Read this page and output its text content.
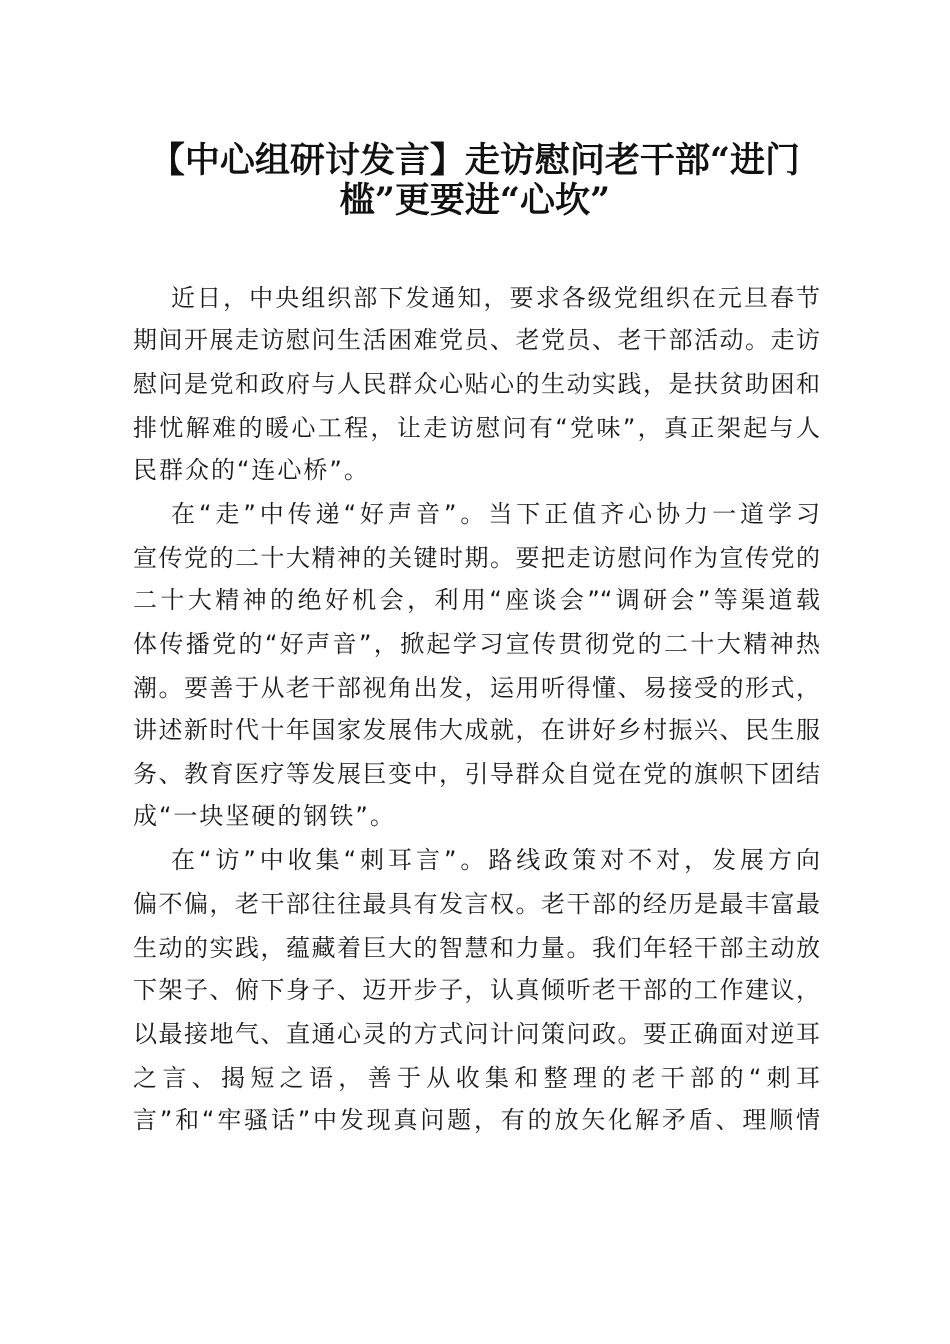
【中心组研讨发言】走访慰问老干部“进门
槛”更要进“心坎”
近日，中央组织部下发通知，要求各级党组织在元旦春节
期间开展走访慰问生活困难党员、老党员、老干部活动。走访
慰问是党和政府与人民群众心贴心的生动实践，是扶贫助困和
排忧解难的暖心工程，让走访慰问有“党味”，真正架起与人
民群众的“连心桥”。
在“走”中传递“好声音”。当下正值齐心协力一道学习
宣传党的二十大精神的关键时期。要把走访慰问作为宣传党的
二十大精神的绝好机会，利用“座谈会”“调研会”等渠道载
体传播党的“好声音”，掀起学习宣传贯彻党的二十大精神热
潮。要善于从老干部视角出发，运用听得懂、易接受的形式，
讲述新时代十年国家发展伟大成就，在讲好乡村振兴、民生服
务、教育医疗等发展巨变中，引导群众自觉在党的旗帜下团结
成“一块坚硬的钢铁”。
在“访”中收集“刺耳言”。路线政策对不对，发展方向
偏不偏，老干部往往最具有发言权。老干部的经历是最丰富最
生动的实践，蕴藏着巨大的智慧和力量。我们年轻干部主动放
下架子、俯下身子、迈开步子，认真倾听老干部的工作建议，
以最接地气、直通心灵的方式问计问策问政。要正确面对逆耳
之言、揭短之语，善于从收集和整理的老干部的“刺耳
言”和“牢骚话”中发现真问题，有的放矢化解矛盾、理顺情
